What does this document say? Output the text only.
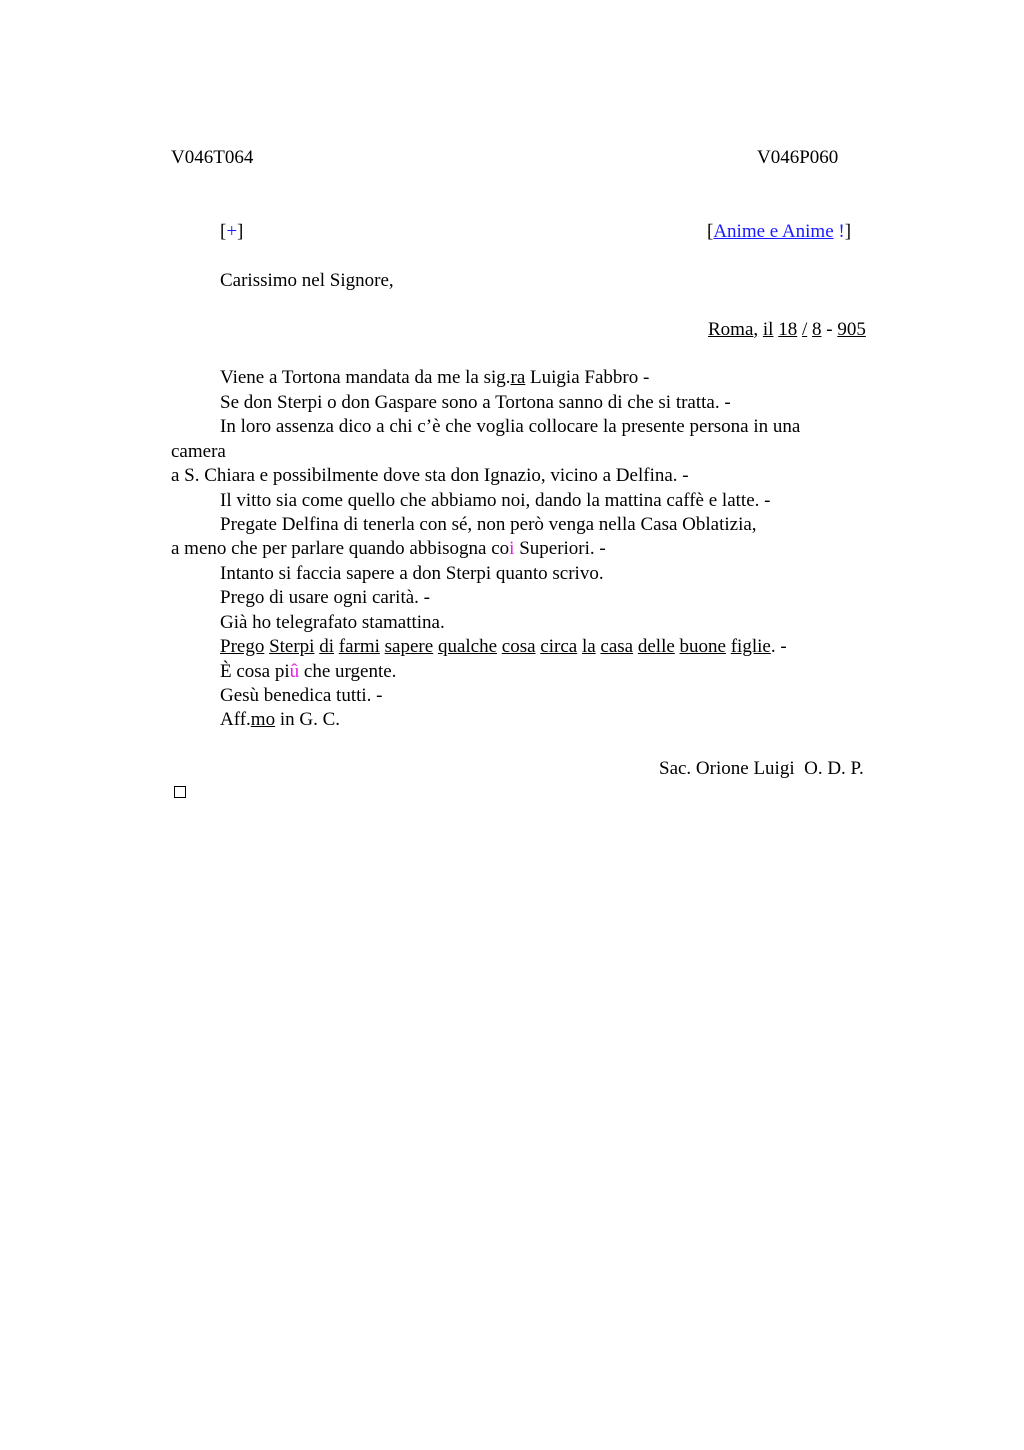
V046T064	V046P060
[+]	[Anime e Anime !]
Carissimo nel Signore,
Roma, il 18 / 8 - 905
Viene a Tortona mandata da me la sig.ra Luigia Fabbro -
Se don Sterpi o don Gaspare sono a Tortona sanno di che si tratta. -
In loro assenza dico a chi c’è che voglia collocare la presente persona in una
camera
a S. Chiara e possibilmente dove sta don Ignazio, vicino a Delfina. -
Il vitto sia come quello che abbiamo noi, dando la mattina caffè e latte. -
Pregate Delfina di tenerla con sé, non però venga nella Casa Oblatizia,
a meno che per parlare quando abbisogna coi Superiori. -
Intanto si faccia sapere a don Sterpi quanto scrivo.
Prego di usare ogni carità. -
Già ho telegrafato stamattina.
Prego Sterpi di farmi sapere qualche cosa circa la casa delle buone figlie. -
È cosa piû che urgente.
Gesù benedica tutti. -
Aff.mo in G. C.
Sac. Orione Luigi  O. D. P.
